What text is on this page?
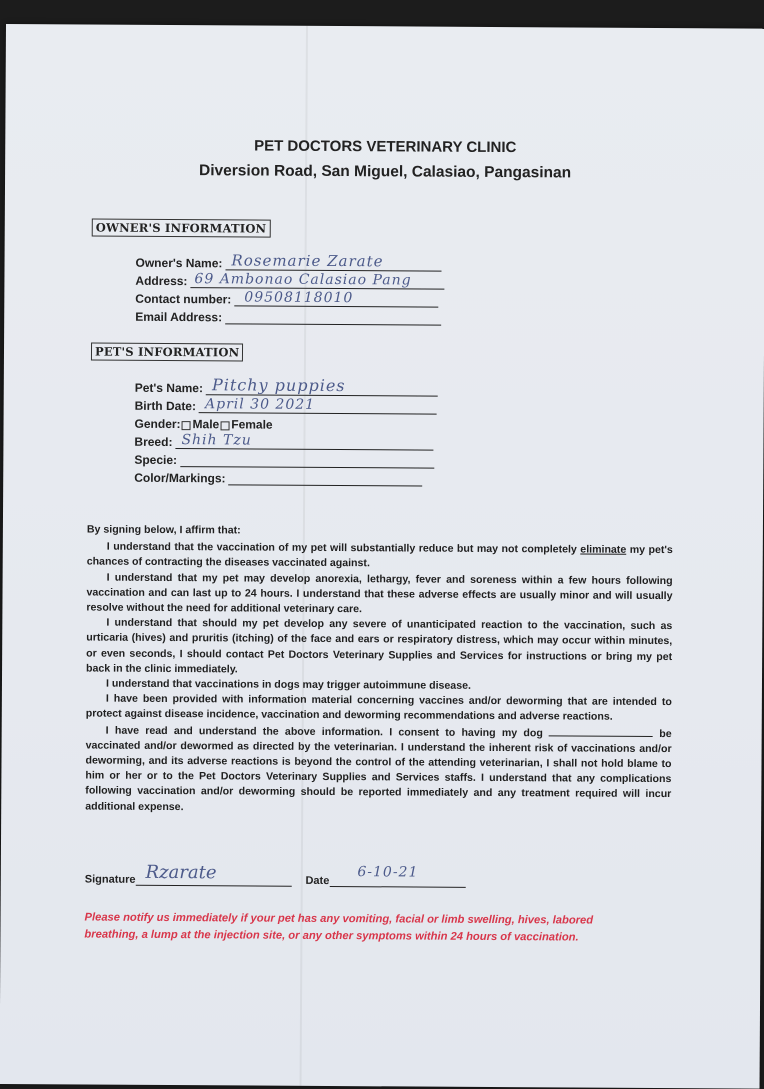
PET DOCTORS VETERINARY CLINIC
Diversion Road, San Miguel, Calasiao, Pangasinan
OWNER'S INFORMATION
Owner's Name: Rosemarie Zarate
Address: 69 Ambonao Calasiao Pang
Contact number: 09508118010
Email Address:
PET'S INFORMATION
Pet's Name: Pitchy puppies
Birth Date: April 30 2021
Gender: Male Female
Breed: Shih Tzu
Specie:
Color/Markings:

By signing below, I affirm that:

I understand that the vaccination of my pet will substantially reduce but may not completely eliminate my pet's chances of contracting the diseases vaccinated against.

I understand that my pet may develop anorexia, lethargy, fever and soreness within a few hours following vaccination and can last up to 24 hours. I understand that these adverse effects are usually minor and will usually resolve without the need for additional veterinary care.

I understand that should my pet develop any severe of unanticipated reaction to the vaccination, such as urticaria (hives) and pruritis (itching) of the face and ears or respiratory distress, which may occur within minutes, or even seconds, I should contact Pet Doctors Veterinary Supplies and Services for instructions or bring my pet back in the clinic immediately.

I understand that vaccinations in dogs may trigger autoimmune disease.

I have been provided with information material concerning vaccines and/or deworming that are intended to protect against disease incidence, vaccination and deworming recommendations and adverse reactions.

I have read and understand the above information. I consent to having my dog	be vaccinated and/or dewormed as directed by the veterinarian. I understand the inherent risk of vaccinations and/or deworming, and its adverse reactions is beyond the control of the attending veterinarian, I shall not hold blame to him or her or to the Pet Doctors Veterinary Supplies and Services staffs. I understand that any complications following vaccination and/or deworming should be reported immediately and any treatment required will incur additional expense.

Signature Rzarate	Date
6-10-21
Please notify us immediately if your pet has any vomiting, facial or limb swelling, hives, labored breathing, a lump at the injection site, or any other symptoms within 24 hours of vaccination.
